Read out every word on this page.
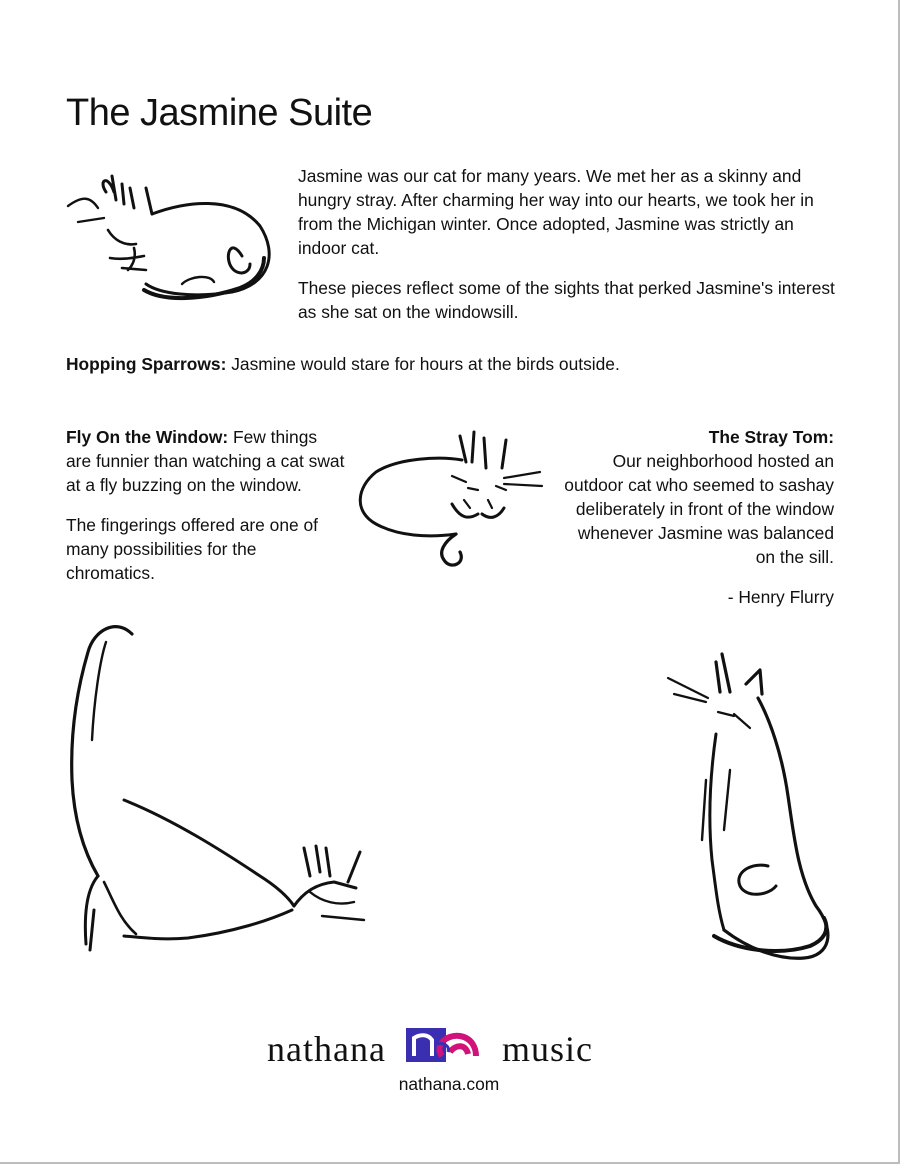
The Jasmine Suite

Jasmine was our cat for many years. We met her as a skinny and hungry stray. After charming her way into our hearts, we took her in from the Michigan winter. Once adopted, Jasmine was strictly an indoor cat.

These pieces reflect some of the sights that perked Jasmine's interest as she sat on the windowsill.

Hopping Sparrows: Jasmine would stare for hours at the birds outside.

Fly On the Window: Few things are funnier than watching a cat swat at a fly buzzing on the window.

The fingerings offered are one of many possibilities for the chromatics.

The Stray Tom:
Our neighborhood hosted an outdoor cat who seemed to sashay deliberately in front of the window whenever Jasmine was balanced on the sill.

- Henry Flurry

nathana	music
nathana.com
